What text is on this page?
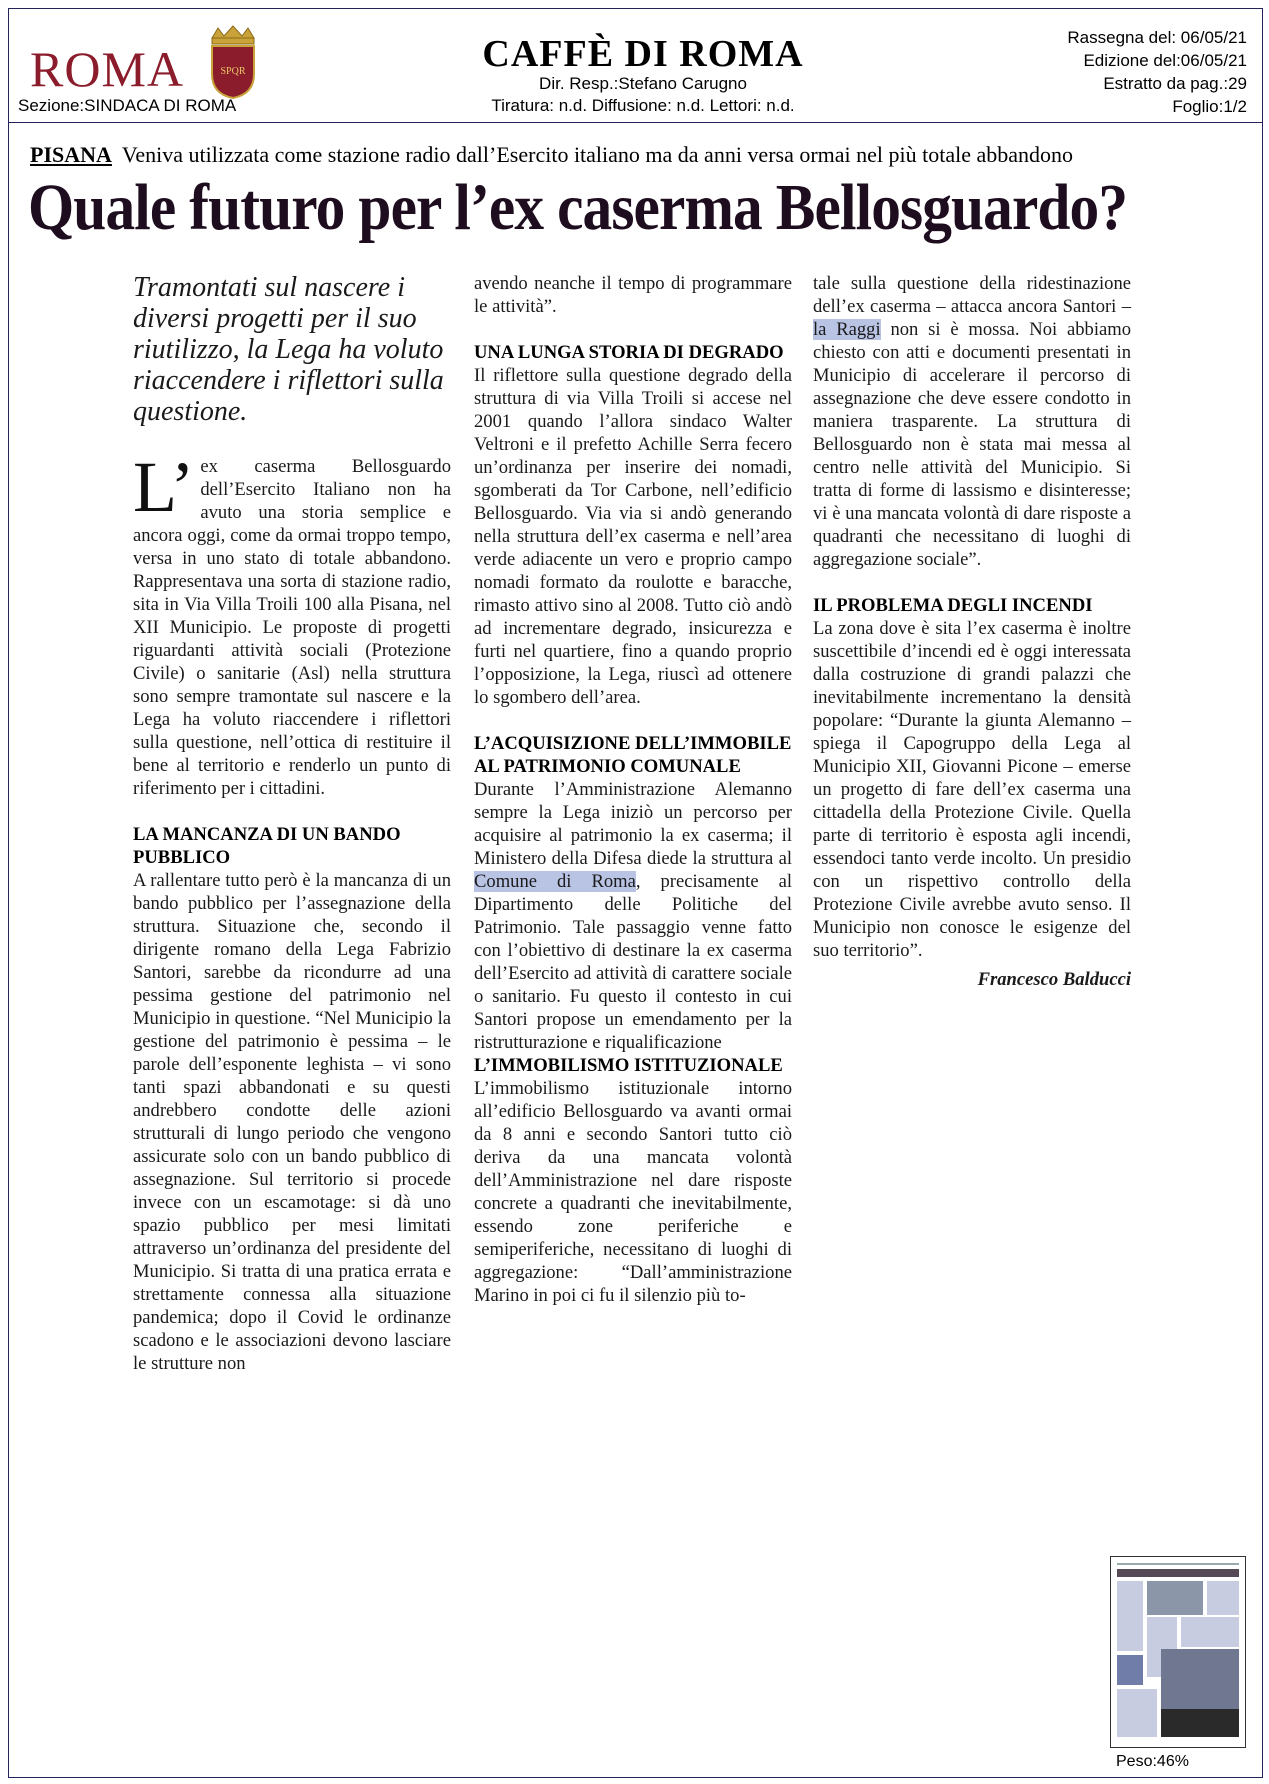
ROMA	SPQR
Sezione:SINDACA DI ROMA
CAFFÈ DI ROMA
Dir. Resp.:Stefano Carugno
Tiratura: n.d. Diffusione: n.d. Lettori: n.d.
Rassegna del: 06/05/21
Edizione del:06/05/21
Estratto da pag.:29
Foglio:1/2
PISANA Veniva utilizzata come stazione radio dall’Esercito italiano ma da anni versa ormai nel più totale abbandono
Quale futuro per l’ex caserma Bellosguardo?
Tramontati sul nascere i diversi progetti per il suo riutilizzo, la Lega ha voluto riaccendere i riflettori sulla questione.

L’ ex caserma Bellosguardo dell’Esercito Italiano non ha avuto una storia semplice e ancora oggi, come da ormai troppo tempo, versa in uno stato di totale abbandono. Rappresentava una sorta di stazione radio, sita in Via Villa Troili 100 alla Pisana, nel XII Municipio. Le proposte di progetti riguardanti attività sociali (Protezione Civile) o sanitarie (Asl) nella struttura sono sempre tramontate sul nascere e la Lega ha voluto riaccendere i riflettori sulla questione, nell’ottica di restituire il bene al territorio e renderlo un punto di riferimento per i cittadini.

LA MANCANZA DI UN BANDO PUBBLICO

A rallentare tutto però è la mancanza di un bando pubblico per l’assegnazione della struttura. Situazione che, secondo il dirigente romano della Lega Fabrizio Santori, sarebbe da ricondurre ad una pessima gestione del patrimonio nel Municipio in questione. “Nel Municipio la gestione del patrimonio è pessima – le parole dell’esponente leghista – vi sono tanti spazi abbandonati e su questi andrebbero condotte delle azioni strutturali di lungo periodo che vengono assicurate solo con un bando pubblico di assegnazione. Sul territorio si procede invece con un escamotage: si dà uno spazio pubblico per mesi limitati attraverso un’ordinanza del presidente del Municipio. Si tratta di una pratica errata e strettamente connessa alla situazione pandemica; dopo il Covid le ordinanze scadono e le associazioni devono lasciare le strutture non

avendo neanche il tempo di programmare le attività”.

UNA LUNGA STORIA DI DEGRADO

Il riflettore sulla questione degrado della struttura di via Villa Troili si accese nel 2001 quando l’allora sindaco Walter Veltroni e il prefetto Achille Serra fecero un’ordinanza per inserire dei nomadi, sgomberati da Tor Carbone, nell’edificio Bellosguardo. Via via si andò generando nella struttura dell’ex caserma e nell’area verde adiacente un vero e proprio campo nomadi formato da roulotte e baracche, rimasto attivo sino al 2008. Tutto ciò andò ad incrementare degrado, insicurezza e furti nel quartiere, fino a quando proprio l’opposizione, la Lega, riuscì ad ottenere lo sgombero dell’area.

L’ACQUISIZIONE DELL’IMMOBILE AL PATRIMONIO COMUNALE

Durante l’Amministrazione Alemanno sempre la Lega iniziò un percorso per acquisire al patrimonio la ex caserma; il Ministero della Difesa diede la struttura al Comune di Roma, precisamente al Dipartimento delle Politiche del Patrimonio. Tale passaggio venne fatto con l’obiettivo di destinare la ex caserma dell’Esercito ad attività di carattere sociale o sanitario. Fu questo il contesto in cui Santori propose un emendamento per la ristrutturazione e riqualificazione

L’IMMOBILISMO ISTITUZIONALE

L’immobilismo istituzionale intorno all’edificio Bellosguardo va avanti ormai da 8 anni e secondo Santori tutto ciò deriva da una mancata volontà dell’Amministrazione nel dare risposte concrete a quadranti che inevitabilmente, essendo zone periferiche e semiperiferiche, necessitano di luoghi di aggregazione: “Dall’amministrazione Marino in poi ci fu il silenzio più to-

tale sulla questione della ridestinazione dell’ex caserma – attacca ancora Santori – la Raggi non si è mossa. Noi abbiamo chiesto con atti e documenti presentati in Municipio di accelerare il percorso di assegnazione che deve essere condotto in maniera trasparente. La struttura di Bellosguardo non è stata mai messa al centro nelle attività del Municipio. Si tratta di forme di lassismo e disinteresse; vi è una mancata volontà di dare risposte a quadranti che necessitano di luoghi di aggregazione sociale”.

IL PROBLEMA DEGLI INCENDI

La zona dove è sita l’ex caserma è inoltre suscettibile d’incendi ed è oggi interessata dalla costruzione di grandi palazzi che inevitabilmente incrementano la densità popolare: “Durante la giunta Alemanno – spiega il Capogruppo della Lega al Municipio XII, Giovanni Picone – emerse un progetto di fare dell’ex caserma una cittadella della Protezione Civile. Quella parte di territorio è esposta agli incendi, essendoci tanto verde incolto. Un presidio con un rispettivo controllo della Protezione Civile avrebbe avuto senso. Il Municipio non conosce le esigenze del suo territorio”.

Francesco Balducci

Peso:46%
